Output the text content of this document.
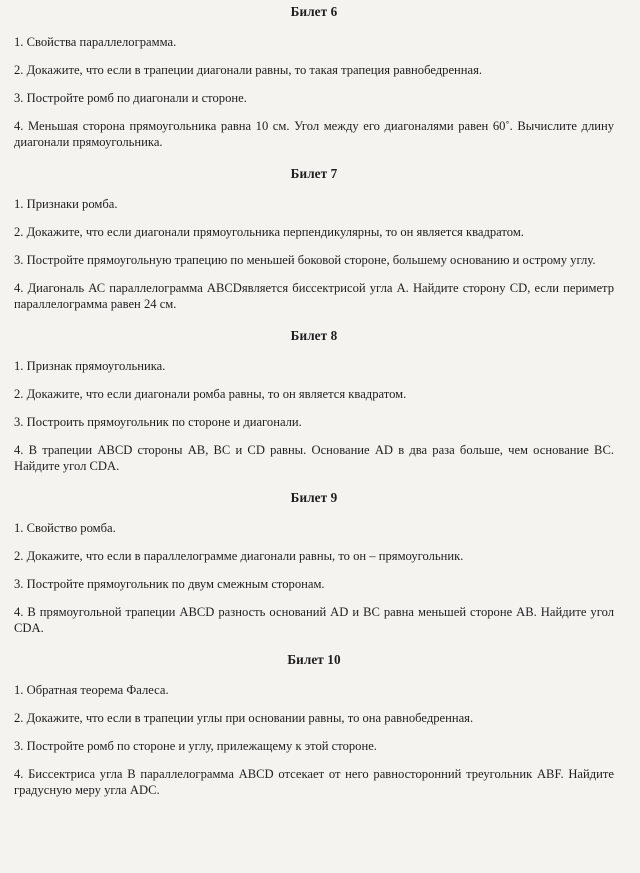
Билет 6

1. Свойства параллелограмма.

2. Докажите, что если в трапеции диагонали равны, то такая трапеция равнобедренная.

3. Постройте ромб по диагонали и стороне.

4. Меньшая сторона прямоугольника равна 10 см. Угол между его диагоналями равен 60˚. Вычислите длину диагонали прямоугольника.

Билет 7

1. Признаки ромба.

2. Докажите, что если диагонали прямоугольника перпендикулярны, то он является квадратом.

3. Постройте прямоугольную трапецию по меньшей боковой стороне, большему основанию и острому углу.

4. Диагональ АС параллелограмма ABCDявляется биссектрисой угла А. Найдите сторону CD, если периметр параллелограмма равен 24 см.

Билет 8

1. Признак прямоугольника.

2. Докажите, что если диагонали ромба равны, то он является квадратом.

3. Построить прямоугольник по стороне и диагонали.

4. В трапеции ABCD стороны AB, BC и CD равны. Основание AD в два раза больше, чем основание BC. Найдите угол CDA.

Билет 9

1. Свойство ромба.

2. Докажите, что если в параллелограмме диагонали равны, то он – прямоугольник.

3. Постройте прямоугольник по двум смежным сторонам.

4. В прямоугольной трапеции ABCD разность оснований AD и BC равна меньшей стороне AB. Найдите угол CDA.

Билет 10

1. Обратная теорема Фалеса.

2. Докажите, что если в трапеции углы при основании равны, то она равнобедренная.

3. Постройте ромб по стороне и углу, прилежащему к этой стороне.

4. Биссектриса угла В параллелограмма ABCD отсекает от него равносторонний треугольник ABF. Найдите градусную меру угла ADC.
